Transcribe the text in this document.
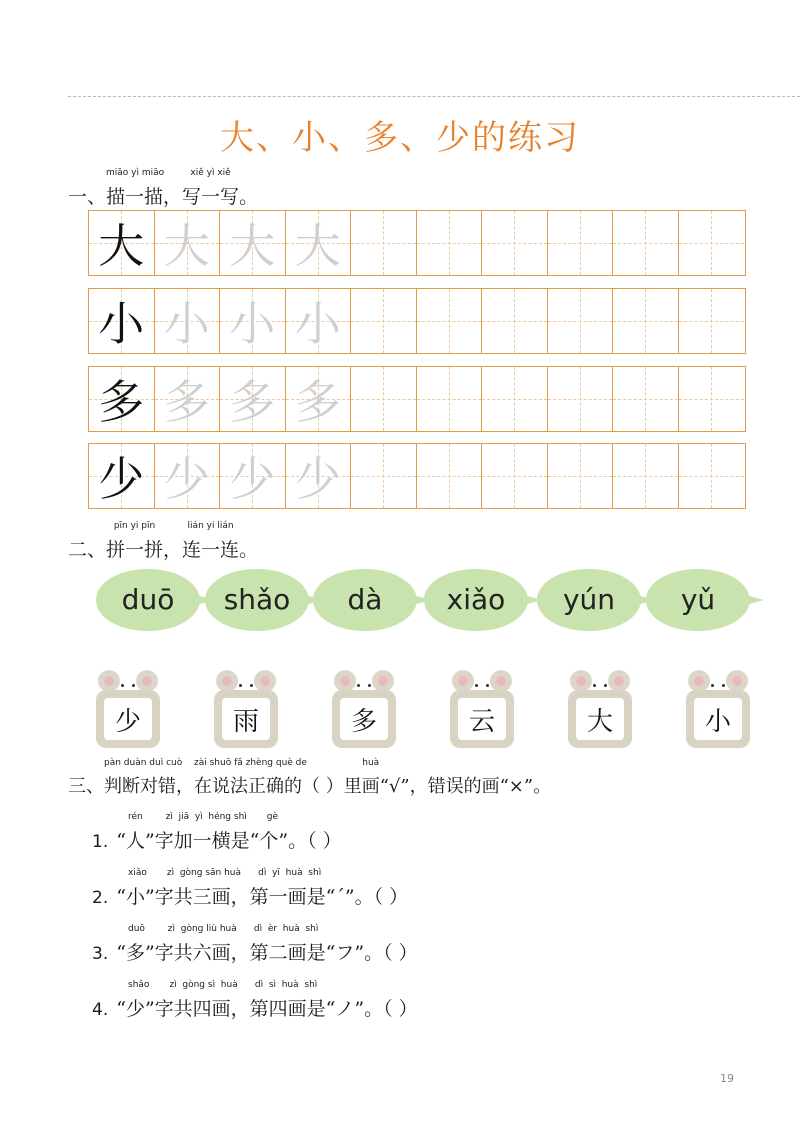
大、小、多、少的练习
一、
miāo yì miāo
描一描，
xiě yì xiě
写一写。
大 大 大 大
小 小 小 小
多 多 多 多
少 少 少 少
二、
pīn yi pīn
拼一拼，
lián yi lián
连一连。
duō	shǎo	dà	xiǎo	yún	yǔ
少	雨	多	云	大	小
三、
pàn duàn duì cuò
判断对错，
zài shuō fǎ zhèng què de
在说法正确的（ ）里
huà
画“√”，错误的画“×”。
rén        zì  jiā  yì  héng shì       gè
1. “人”字加一横是“个”。（ ）
xiǎo       zì  gòng sān huà      dì  yī  huà  shì
2. “小”字共三画，第一画是“ˊ”。（ ）
duō        zì  gòng liù huà      dì  èr  huà  shì
3. “多”字共六画，第二画是“フ”。（ ）
shǎo       zì  gòng sì  huà      dì  sì  huà  shì
4. “少”字共四画，第四画是“ノ”。（ ）
19
